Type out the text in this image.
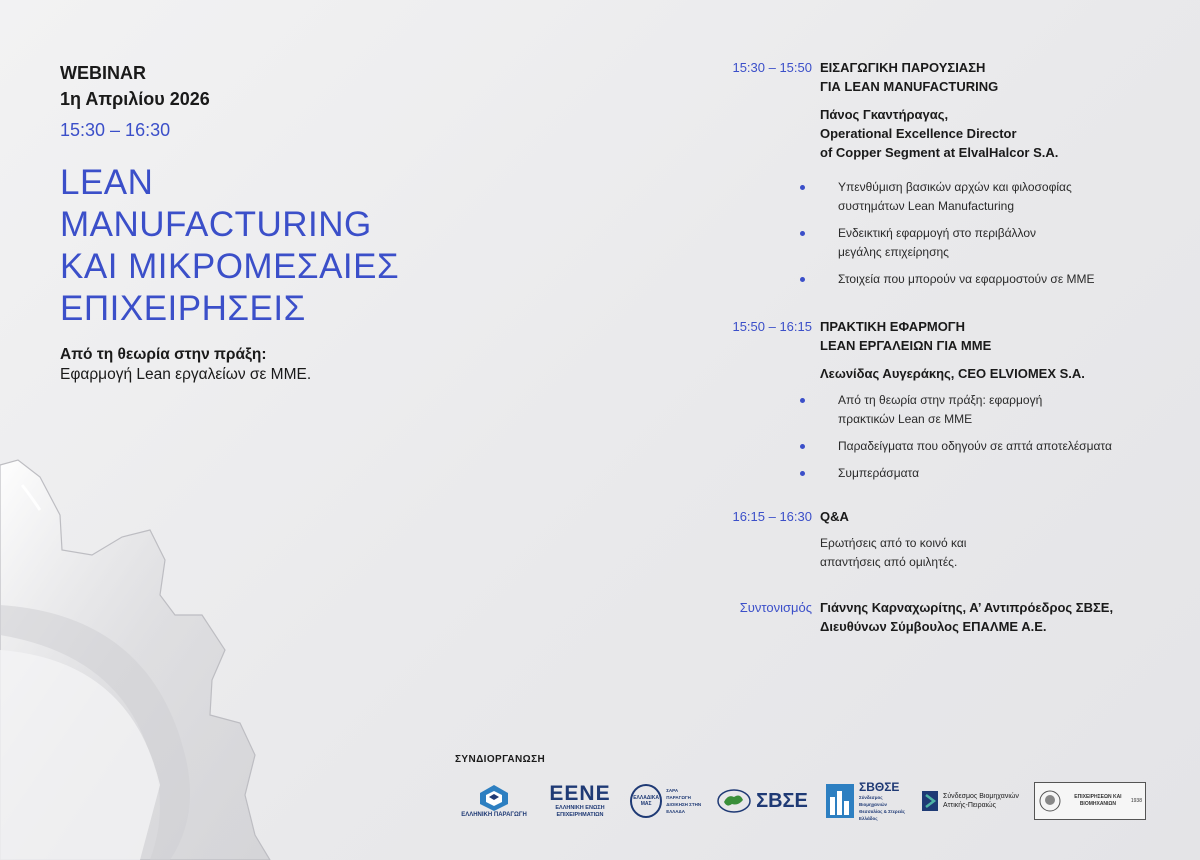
WEBINAR
1η Απριλίου 2026
15:30 – 16:30
LEAN
MANUFACTURING
ΚΑΙ ΜΙΚΡΟΜΕΣΑΙΕΣ
ΕΠΙΧΕΙΡΗΣΕΙΣ
Από τη θεωρία στην πράξη:
Εφαρμογή Lean εργαλείων σε ΜΜΕ.
15:30 – 15:50 ΕΙΣΑΓΩΓΙΚΗ ΠΑΡΟΥΣΙΑΣΗ
ΓΙΑ LEAN MANUFACTURING
Πάνος Γκαντήραγας,
Operational Excellence Director
of Copper Segment at ElvalHalcor S.A.
Υπενθύμιση βασικών αρχών και φιλοσοφίας
συστημάτων Lean Manufacturing
Ενδεικτική εφαρμογή στο περιβάλλον
μεγάλης επιχείρησης
Στοιχεία που μπορούν να εφαρμοστούν σε ΜΜΕ
15:50 – 16:15 ΠΡΑΚΤΙΚΗ ΕΦΑΡΜΟΓΗ
LEAN ΕΡΓΑΛΕΙΩΝ ΓΙΑ ΜΜΕ
Λεωνίδας Αυγεράκης, CEO ELVIOMEX S.A.
Από τη θεωρία στην πράξη: εφαρμογή
πρακτικών Lean σε ΜΜΕ
Παραδείγματα που οδηγούν σε απτά αποτελέσματα
Συμπεράσματα
16:15 – 16:30 Q&A
Ερωτήσεις από το κοινό και
απαντήσεις από ομιλητές.
Συντονισμός Γιάννης Καρναχωρίτης, Α’ Αντιπρόεδρος ΣΒΣΕ,
Διευθύνων Σύμβουλος ΕΠΑΛΜΕ Α.Ε.
ΣΥΝΔΙΟΡΓΑΝΩΣΗ
ΕΛΛΗΝΙΚΗ ΠΑΡΑΓΩΓΗ
ΕΕΝΕ
ΕΛΛΗΝΙΚΗ ΕΝΩΣΗ ΕΠΙΧΕΙΡΗΜΑΤΙΩΝ
ΕΛΛΑΔΙΚΑ ΜΑΣ
ΣΑΡΑ ΠΑΡΑΓΩΓΗ ΔΙΟΙΚΗΣΗ ΣΤΗΝ ΕΛΛΑΔΑ	ΣΒΣΕ
ΣΒΘΣΕ
Σύνδεσμος Βιομηχανιών Θεσσαλίας & Στερεάς Ελλάδος
Σύνδεσμος Βιομηχανιών Αττικής-Πειραιώς
ΕΠΙΧΕΙΡΗΣΕΩΝ ΚΑΙ ΒΙΟΜΗΧΑΝΙΩΝ	1938
